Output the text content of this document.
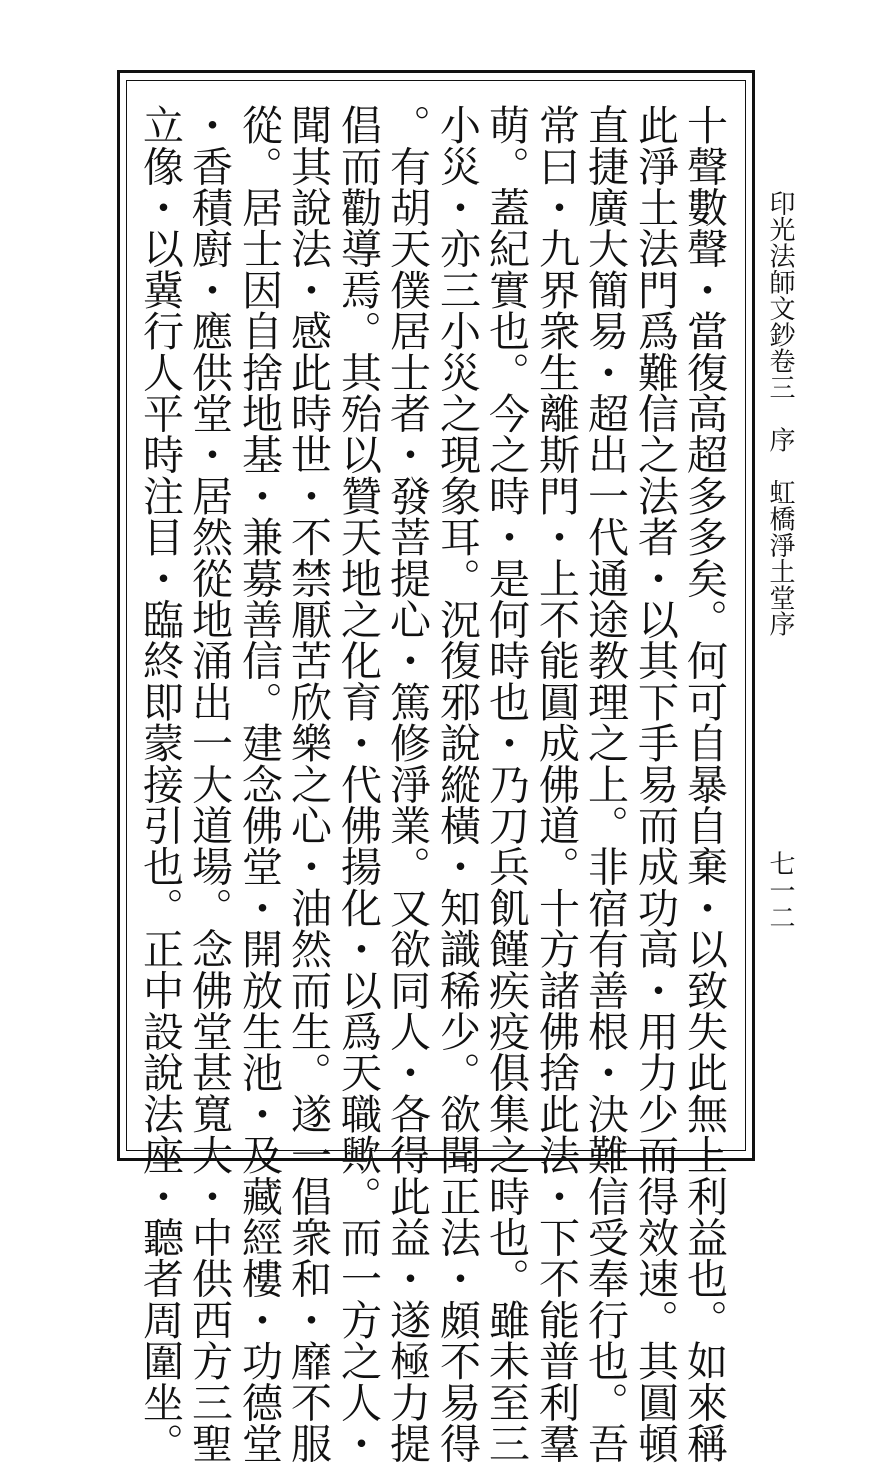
印光法師文鈔卷三　序　虹橋淨土堂序
七一二
十聲數聲・當復高超多多矣。何可自暴自棄・以致失此無上利益也。如來稱
此淨土法門爲難信之法者・以其下手易而成功高・用力少而得效速。其圓頓
直捷廣大簡易・超出一代通途教理之上。非宿有善根・決難信受奉行也。吾
常曰・九界衆生離斯門・上不能圓成佛道。十方諸佛捨此法・下不能普利羣
萌。蓋紀實也。今之時・是何時也・乃刀兵飢饉疾疫俱集之時也。雖未至三
小災・亦三小災之現象耳。況復邪說縱橫・知識稀少。欲聞正法・頗不易得
。有胡天僕居士者・發菩提心・篤修淨業。又欲同人・各得此益・遂極力提
倡而勸導焉。其殆以贊天地之化育・代佛揚化・以爲天職歟。而一方之人・
聞其說法・感此時世・不禁厭苦欣樂之心・油然而生。遂一倡衆和・靡不服
從。居士因自捨地基・兼募善信。建念佛堂・開放生池・及藏經樓・功德堂
・香積廚・應供堂・居然從地涌出一大道場。念佛堂甚寬大・中供西方三聖
立像・以冀行人平時注目・臨終即蒙接引也。正中設說法座・聽者周圍坐。
